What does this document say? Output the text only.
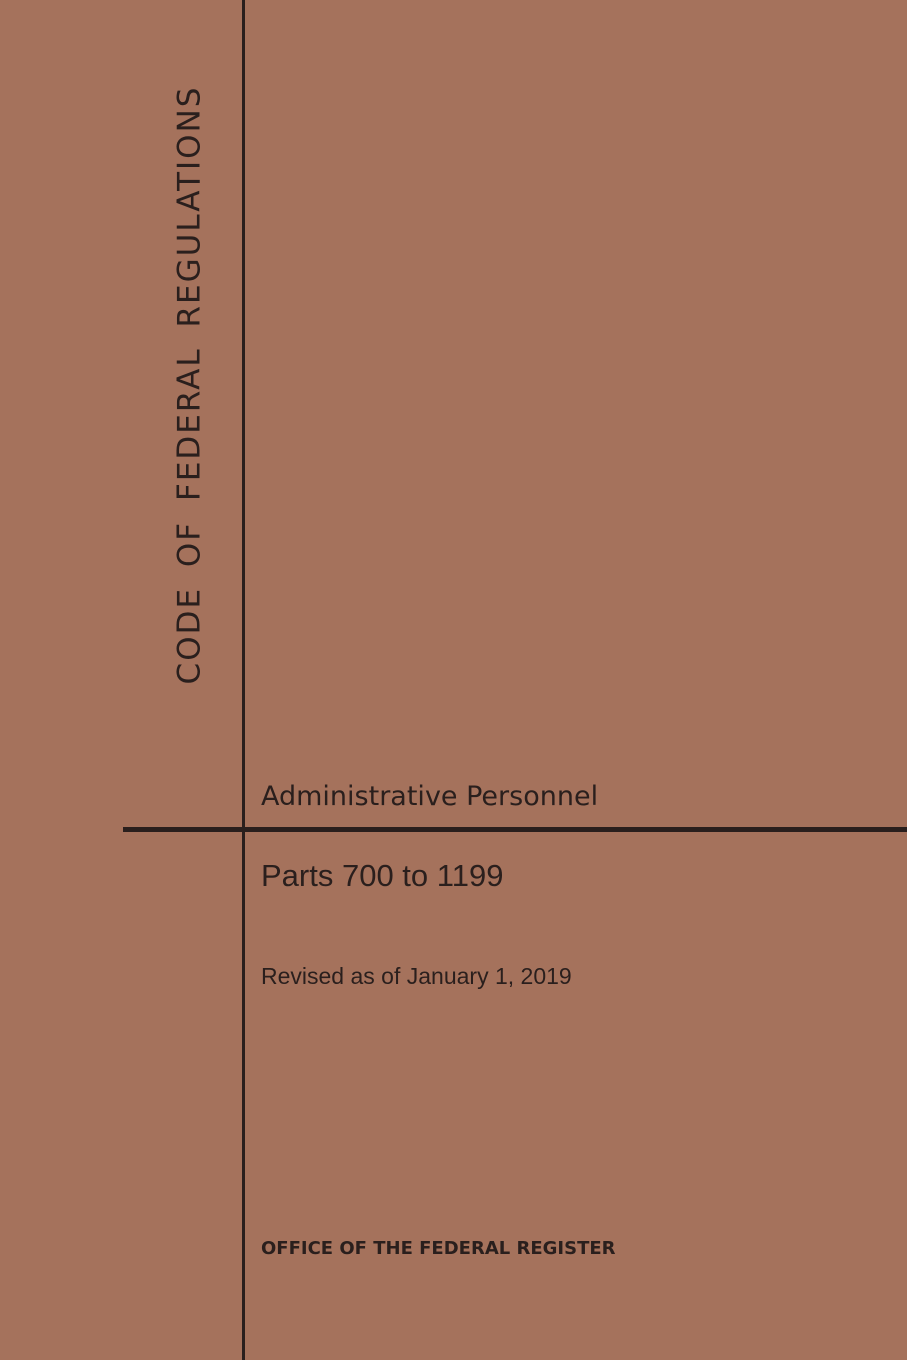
CODE OF FEDERAL REGULATIONS
Administrative Personnel
Parts 700 to 1199
Revised as of January 1, 2019
OFFICE OF THE FEDERAL REGISTER
